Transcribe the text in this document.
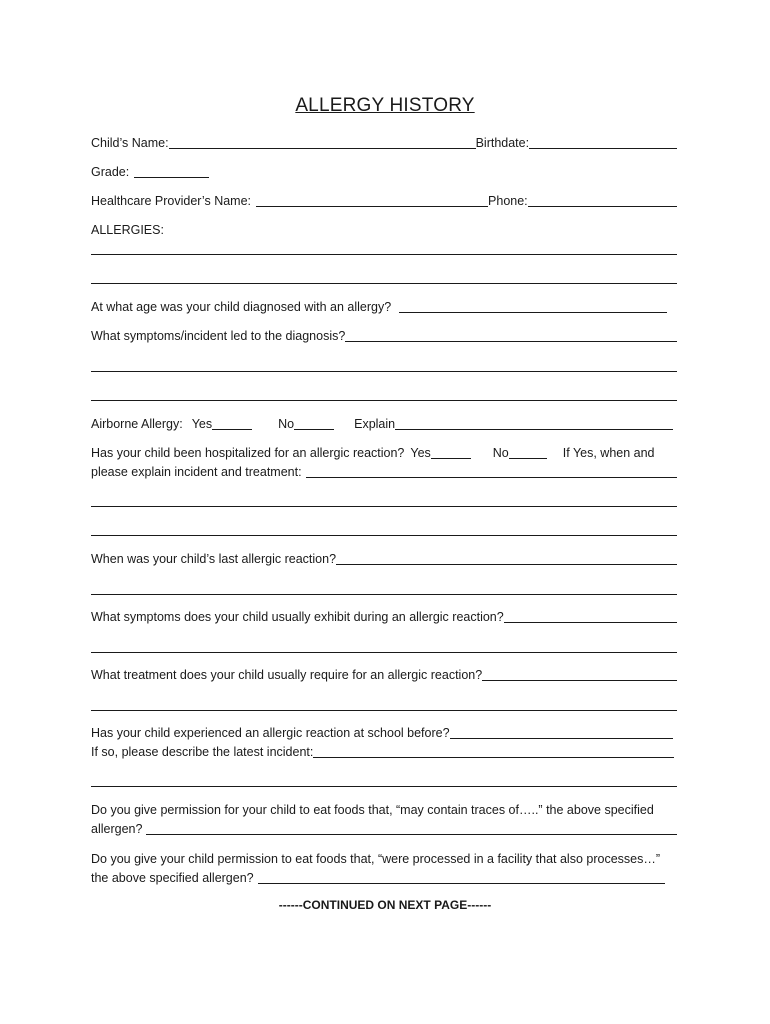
ALLERGY HISTORY
Child’s Name:	Birthdate:
Grade:
Healthcare Provider’s Name:	Phone:
ALLERGIES:
At what age was your child diagnosed with an allergy?
What symptoms/incident led to the diagnosis?
Airborne Allergy: Yes	No	Explain
Has your child been hospitalized for an allergic reaction? Yes	No	If Yes, when and
please explain incident and treatment:
When was your child’s last allergic reaction?
What symptoms does your child usually exhibit during an allergic reaction?
What treatment does your child usually require for an allergic reaction?
Has your child experienced an allergic reaction at school before?
If so, please describe the latest incident:
Do you give permission for your child to eat foods that, “may contain traces of…..” the above specified
allergen?
Do you give your child permission to eat foods that, “were processed in a facility that also processes…”
the above specified allergen?
------CONTINUED ON NEXT PAGE------
